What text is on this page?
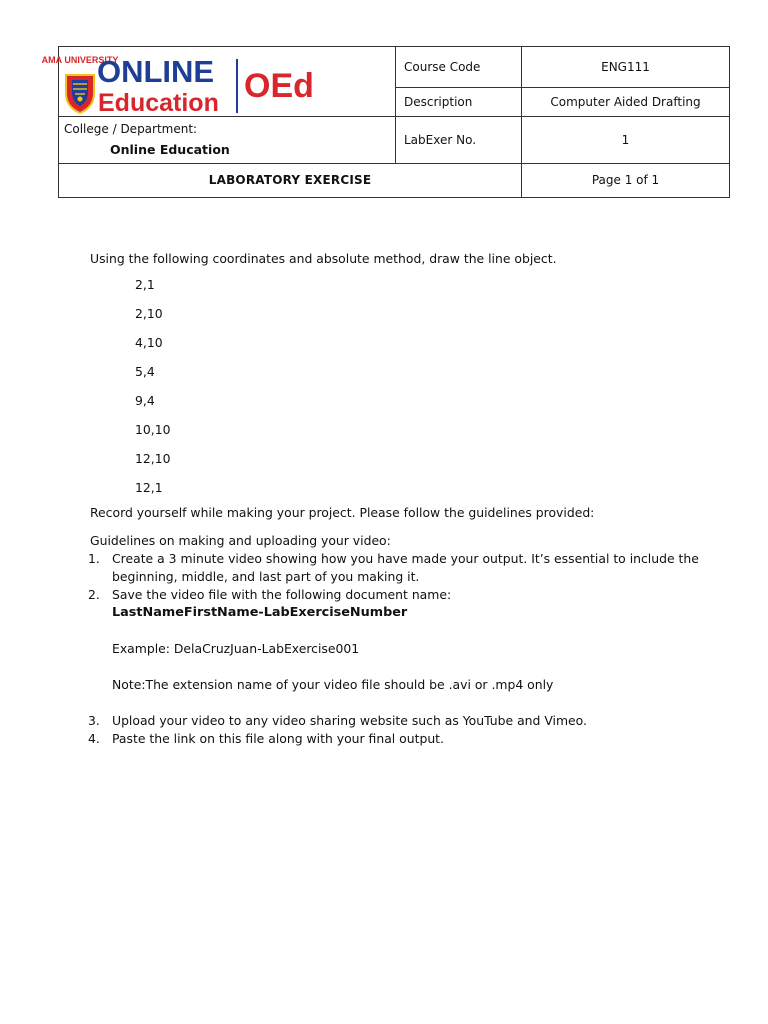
AMA UNIVERSITY
ONLINE
Education OEd	Course Code	ENG111
	Description	Computer Aided Drafting

College / Department:
Online Education	LabExer No.	1
LABORATORY EXERCISE		Page 1 of 1

Using the following coordinates and absolute method, draw the line object.

2,1
2,10
4,10
5,4
9,4
10,10
12,10
12,1

Record yourself while making your project. Please follow the guidelines provided:

Guidelines on making and uploading your video:

1. Create a 3 minute video showing how you have made your output. It’s essential to include the beginning, middle, and last part of you making it.
2. Save the video file with the following document name:
LastNameFirstName-LabExerciseNumber
Example: DelaCruzJuan-LabExercise001
Note:The extension name of your video file should be .avi or .mp4 only
3. Upload your video to any video sharing website such as YouTube and Vimeo.
4. Paste the link on this file along with your final output.
